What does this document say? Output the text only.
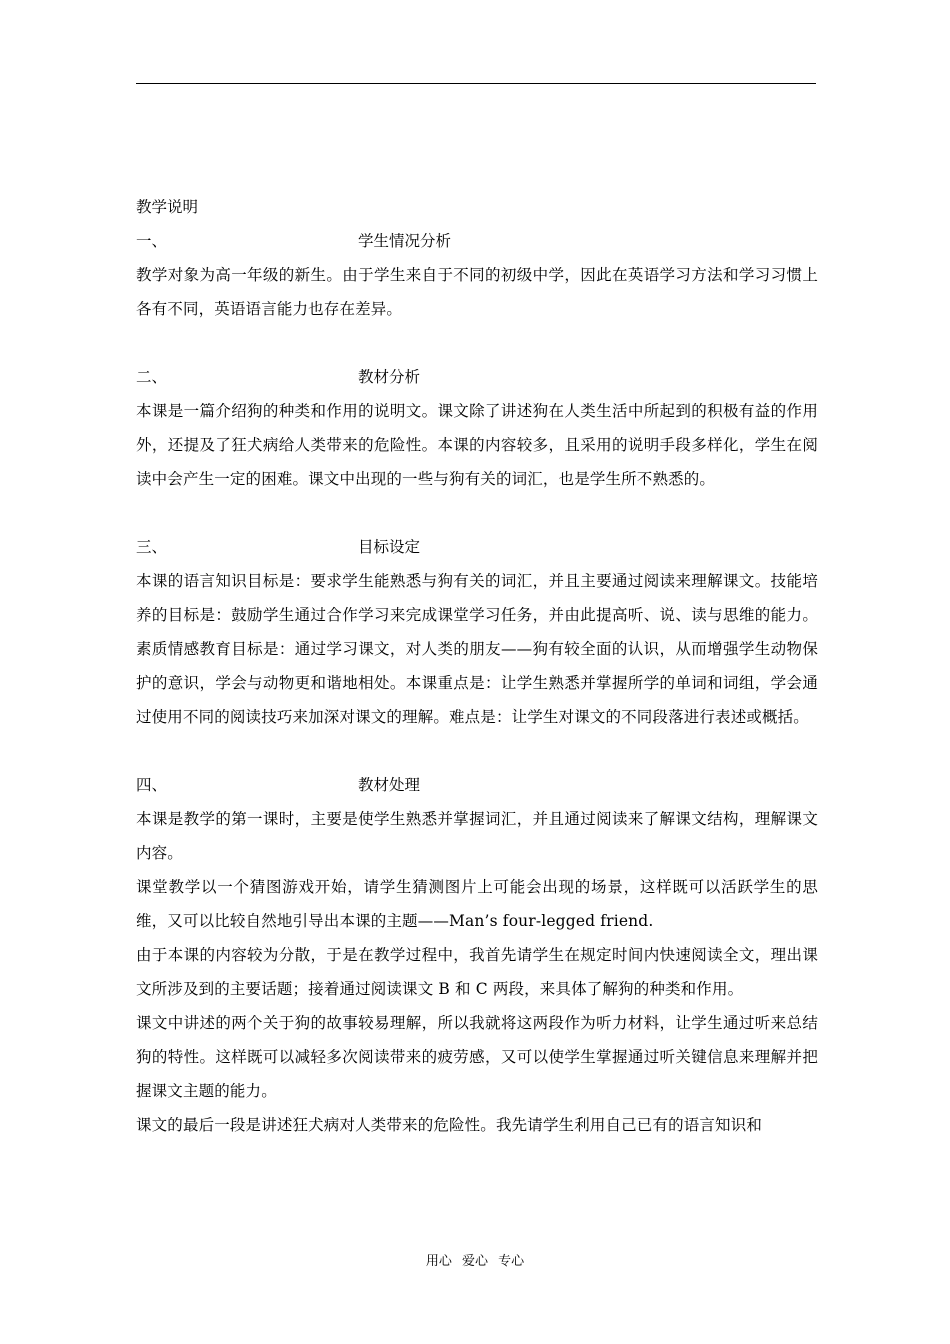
教学说明

一、	学生情况分析

教学对象为高一年级的新生。由于学生来自于不同的初级中学，因此在英语学习方法和学习习惯上各有不同，英语语言能力也存在差异。

二、	教材分析

本课是一篇介绍狗的种类和作用的说明文。课文除了讲述狗在人类生活中所起到的积极有益的作用外，还提及了狂犬病给人类带来的危险性。本课的内容较多，且采用的说明手段多样化，学生在阅读中会产生一定的困难。课文中出现的一些与狗有关的词汇，也是学生所不熟悉的。

三、	目标设定

本课的语言知识目标是：要求学生能熟悉与狗有关的词汇，并且主要通过阅读来理解课文。技能培养的目标是：鼓励学生通过合作学习来完成课堂学习任务，并由此提高听、说、读与思维的能力。素质情感教育目标是：通过学习课文，对人类的朋友——狗有较全面的认识，从而增强学生动物保护的意识，学会与动物更和谐地相处。本课重点是：让学生熟悉并掌握所学的单词和词组，学会通过使用不同的阅读技巧来加深对课文的理解。难点是：让学生对课文的不同段落进行表述或概括。

四、	教材处理

本课是教学的第一课时，主要是使学生熟悉并掌握词汇，并且通过阅读来了解课文结构，理解课文内容。

课堂教学以一个猜图游戏开始，请学生猜测图片上可能会出现的场景，这样既可以活跃学生的思维，又可以比较自然地引导出本课的主题——Man’s four-legged friend.

由于本课的内容较为分散，于是在教学过程中，我首先请学生在规定时间内快速阅读全文，理出课文所涉及到的主要话题；接着通过阅读课文 B 和 C 两段，来具体了解狗的种类和作用。

课文中讲述的两个关于狗的故事较易理解，所以我就将这两段作为听力材料，让学生通过听来总结狗的特性。这样既可以减轻多次阅读带来的疲劳感，又可以使学生掌握通过听关键信息来理解并把握课文主题的能力。

课文的最后一段是讲述狂犬病对人类带来的危险性。我先请学生利用自己已有的语言知识和

用心 爱心 专心
